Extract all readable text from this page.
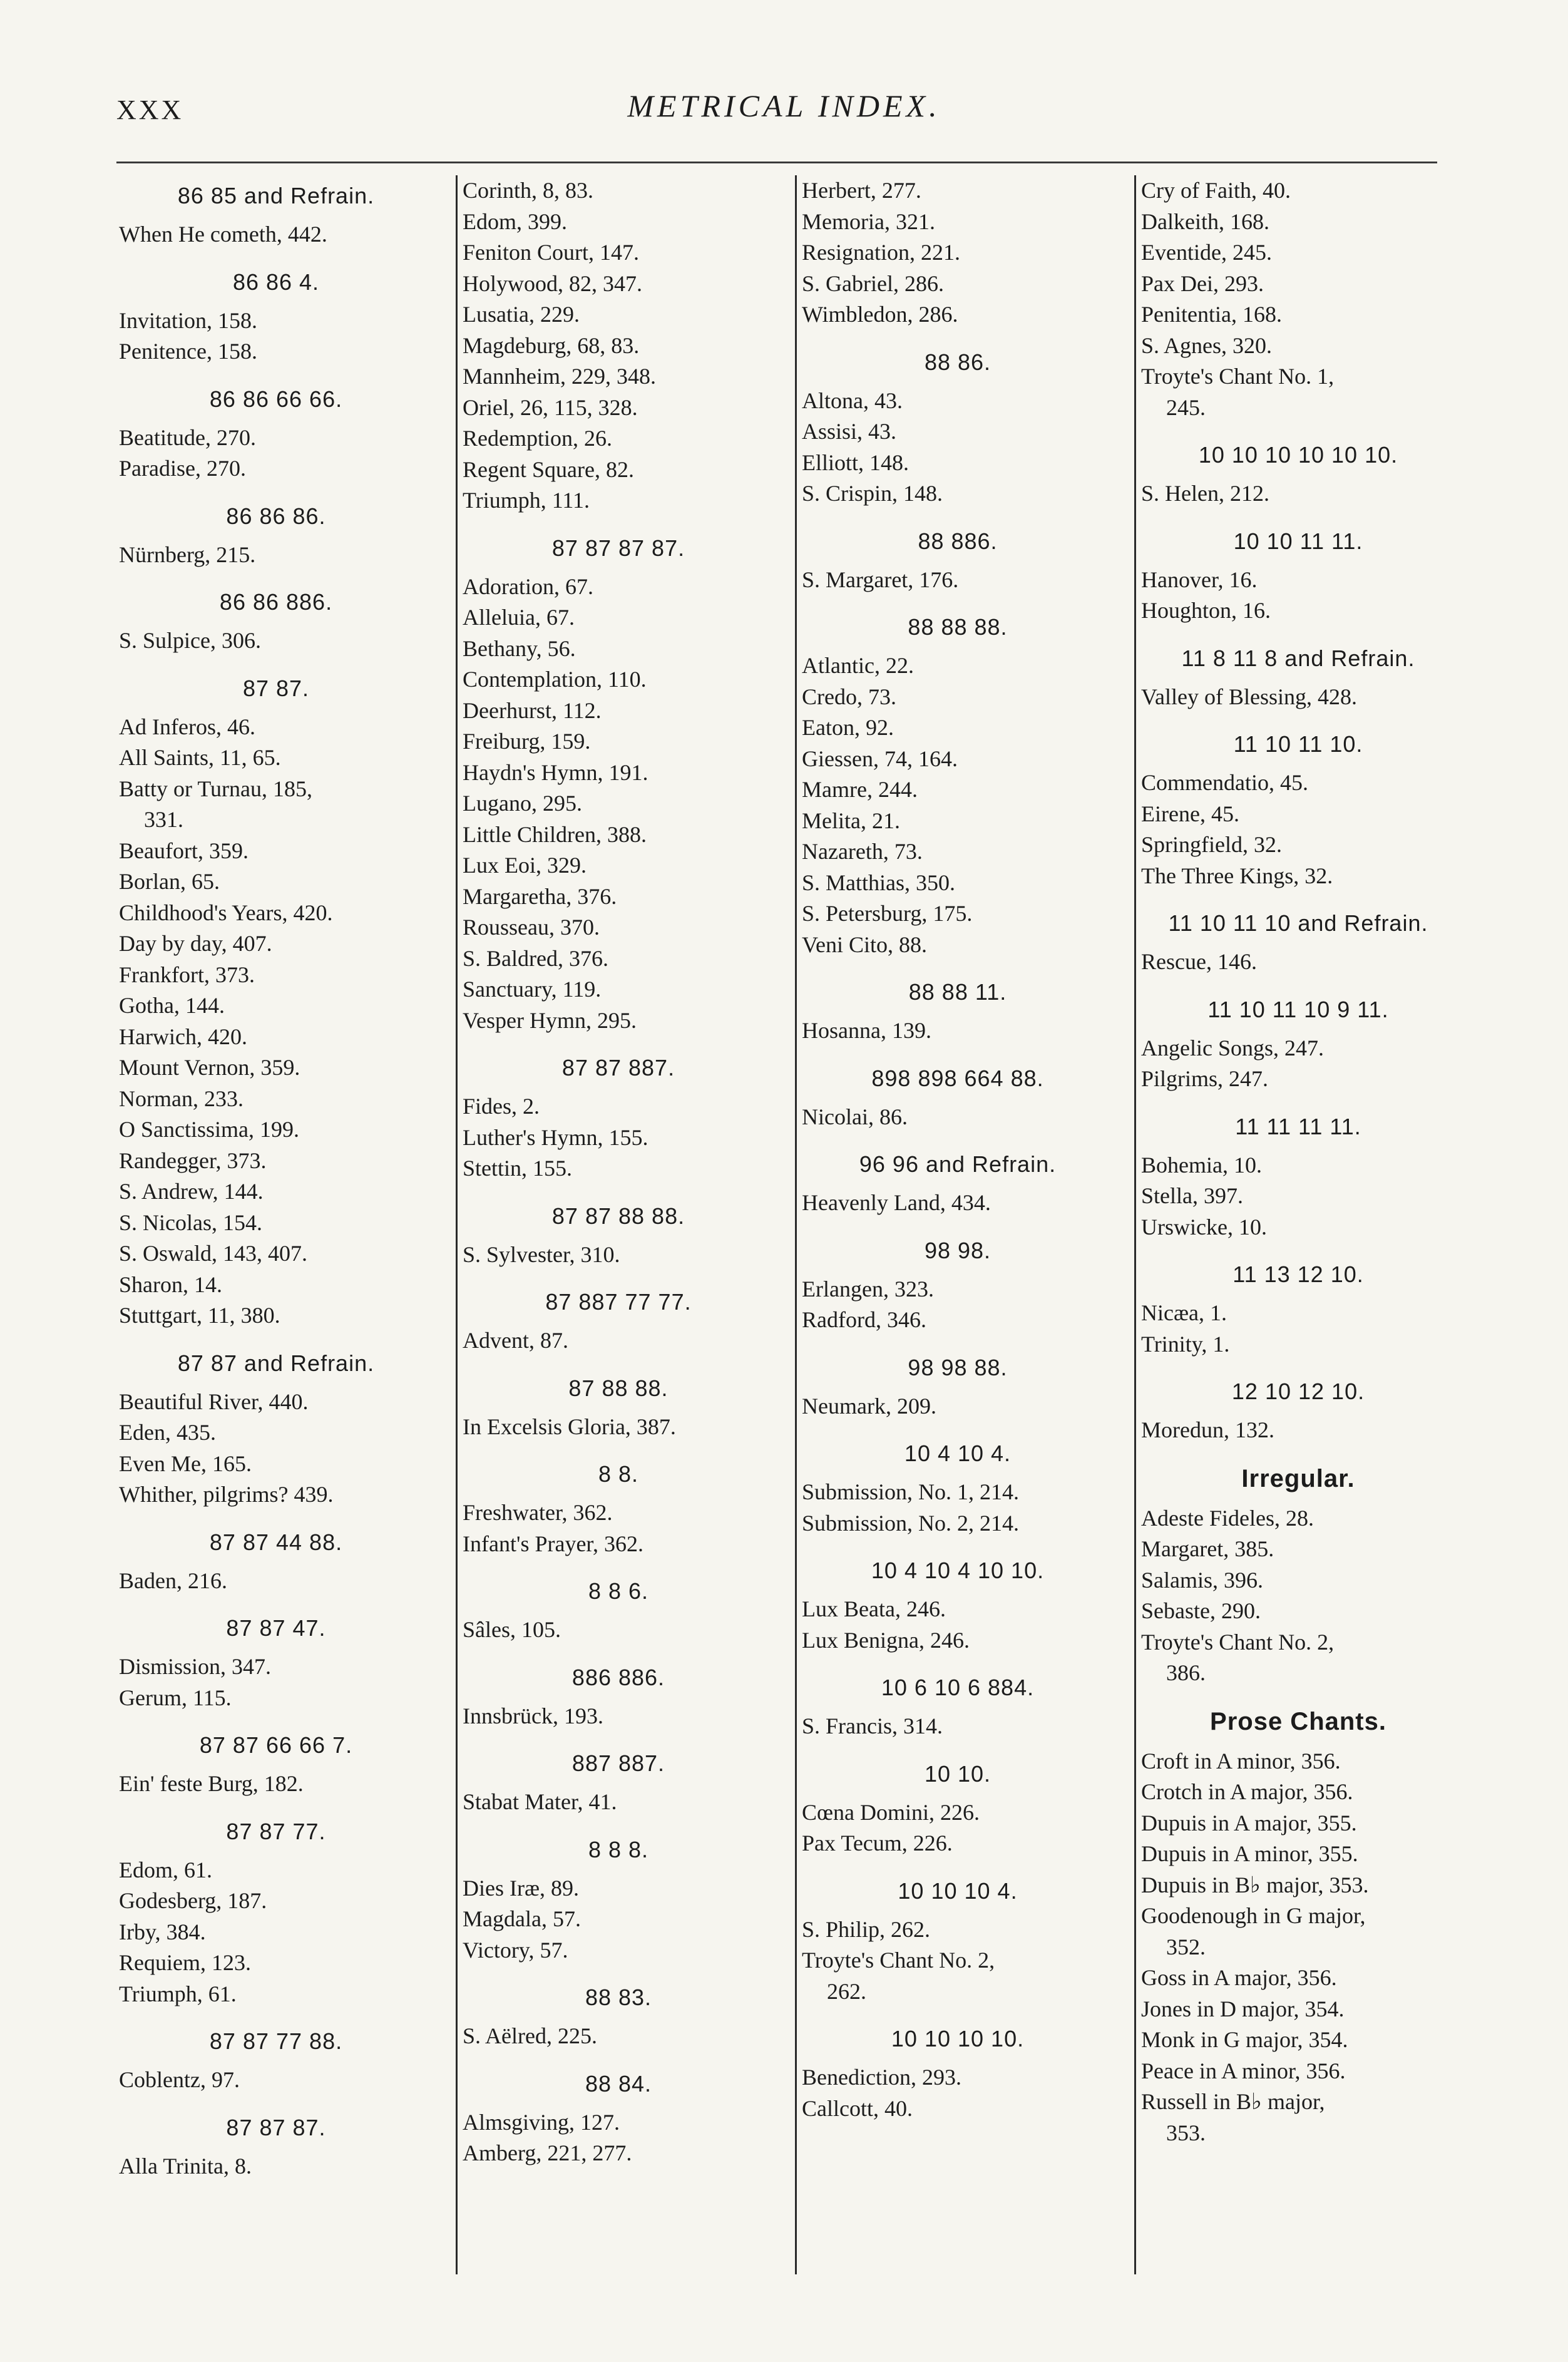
XXX	METRICAL INDEX.
86 85 and Refrain.
When He cometh, 442.
86 86 4.
Invitation, 158.
Penitence, 158.
86 86 66 66.
Beatitude, 270.
Paradise, 270.
86 86 86.
Nürnberg, 215.
86 86 886.
S. Sulpice, 306.
87 87.
Ad Inferos, 46.
All Saints, 11, 65.
Batty or Turnau, 185,
331.
Beaufort, 359.
Borlan, 65.
Childhood's Years, 420.
Day by day, 407.
Frankfort, 373.
Gotha, 144.
Harwich, 420.
Mount Vernon, 359.
Norman, 233.
O Sanctissima, 199.
Randegger, 373.
S. Andrew, 144.
S. Nicolas, 154.
S. Oswald, 143, 407.
Sharon, 14.
Stuttgart, 11, 380.
87 87 and Refrain.
Beautiful River, 440.
Eden, 435.
Even Me, 165.
Whither, pilgrims? 439.
87 87 44 88.
Baden, 216.
87 87 47.
Dismission, 347.
Gerum, 115.
87 87 66 66 7.
Ein' feste Burg, 182.
87 87 77.
Edom, 61.
Godesberg, 187.
Irby, 384.
Requiem, 123.
Triumph, 61.
87 87 77 88.
Coblentz, 97.
87 87 87.
Alla Trinita, 8.
Corinth, 8, 83.
Edom, 399.
Feniton Court, 147.
Holywood, 82, 347.
Lusatia, 229.
Magdeburg, 68, 83.
Mannheim, 229, 348.
Oriel, 26, 115, 328.
Redemption, 26.
Regent Square, 82.
Triumph, 111.
87 87 87 87.
Adoration, 67.
Alleluia, 67.
Bethany, 56.
Contemplation, 110.
Deerhurst, 112.
Freiburg, 159.
Haydn's Hymn, 191.
Lugano, 295.
Little Children, 388.
Lux Eoi, 329.
Margaretha, 376.
Rousseau, 370.
S. Baldred, 376.
Sanctuary, 119.
Vesper Hymn, 295.
87 87 887.
Fides, 2.
Luther's Hymn, 155.
Stettin, 155.
87 87 88 88.
S. Sylvester, 310.
87 887 77 77.
Advent, 87.
87 88 88.
In Excelsis Gloria, 387.
8 8.
Freshwater, 362.
Infant's Prayer, 362.
8 8 6.
Sâles, 105.
886 886.
Innsbrück, 193.
887 887.
Stabat Mater, 41.
8 8 8.
Dies Iræ, 89.
Magdala, 57.
Victory, 57.
88 83.
S. Aëlred, 225.
88 84.
Almsgiving, 127.
Amberg, 221, 277.
Herbert, 277.
Memoria, 321.
Resignation, 221.
S. Gabriel, 286.
Wimbledon, 286.
88 86.
Altona, 43.
Assisi, 43.
Elliott, 148.
S. Crispin, 148.
88 886.
S. Margaret, 176.
88 88 88.
Atlantic, 22.
Credo, 73.
Eaton, 92.
Giessen, 74, 164.
Mamre, 244.
Melita, 21.
Nazareth, 73.
S. Matthias, 350.
S. Petersburg, 175.
Veni Cito, 88.
88 88 11.
Hosanna, 139.
898 898 664 88.
Nicolai, 86.
96 96 and Refrain.
Heavenly Land, 434.
98 98.
Erlangen, 323.
Radford, 346.
98 98 88.
Neumark, 209.
10 4 10 4.
Submission, No. 1, 214.
Submission, No. 2, 214.
10 4 10 4 10 10.
Lux Beata, 246.
Lux Benigna, 246.
10 6 10 6 884.
S. Francis, 314.
10 10.
Cœna Domini, 226.
Pax Tecum, 226.
10 10 10 4.
S. Philip, 262.
Troyte's Chant No. 2,
262.
10 10 10 10.
Benediction, 293.
Callcott, 40.
Cry of Faith, 40.
Dalkeith, 168.
Eventide, 245.
Pax Dei, 293.
Penitentia, 168.
S. Agnes, 320.
Troyte's Chant No. 1,
245.
10 10 10 10 10 10.
S. Helen, 212.
10 10 11 11.
Hanover, 16.
Houghton, 16.
11 8 11 8 and Refrain.
Valley of Blessing, 428.
11 10 11 10.
Commendatio, 45.
Eirene, 45.
Springfield, 32.
The Three Kings, 32.
11 10 11 10 and Refrain.
Rescue, 146.
11 10 11 10 9 11.
Angelic Songs, 247.
Pilgrims, 247.
11 11 11 11.
Bohemia, 10.
Stella, 397.
Urswicke, 10.
11 13 12 10.
Nicæa, 1.
Trinity, 1.
12 10 12 10.
Moredun, 132.
Irregular.
Adeste Fideles, 28.
Margaret, 385.
Salamis, 396.
Sebaste, 290.
Troyte's Chant No. 2,
386.
Prose Chants.
Croft in A minor, 356.
Crotch in A major, 356.
Dupuis in A major, 355.
Dupuis in A minor, 355.
Dupuis in B♭ major, 353.
Goodenough in G major,
352.
Goss in A major, 356.
Jones in D major, 354.
Monk in G major, 354.
Peace in A minor, 356.
Russell in B♭ major,
353.
